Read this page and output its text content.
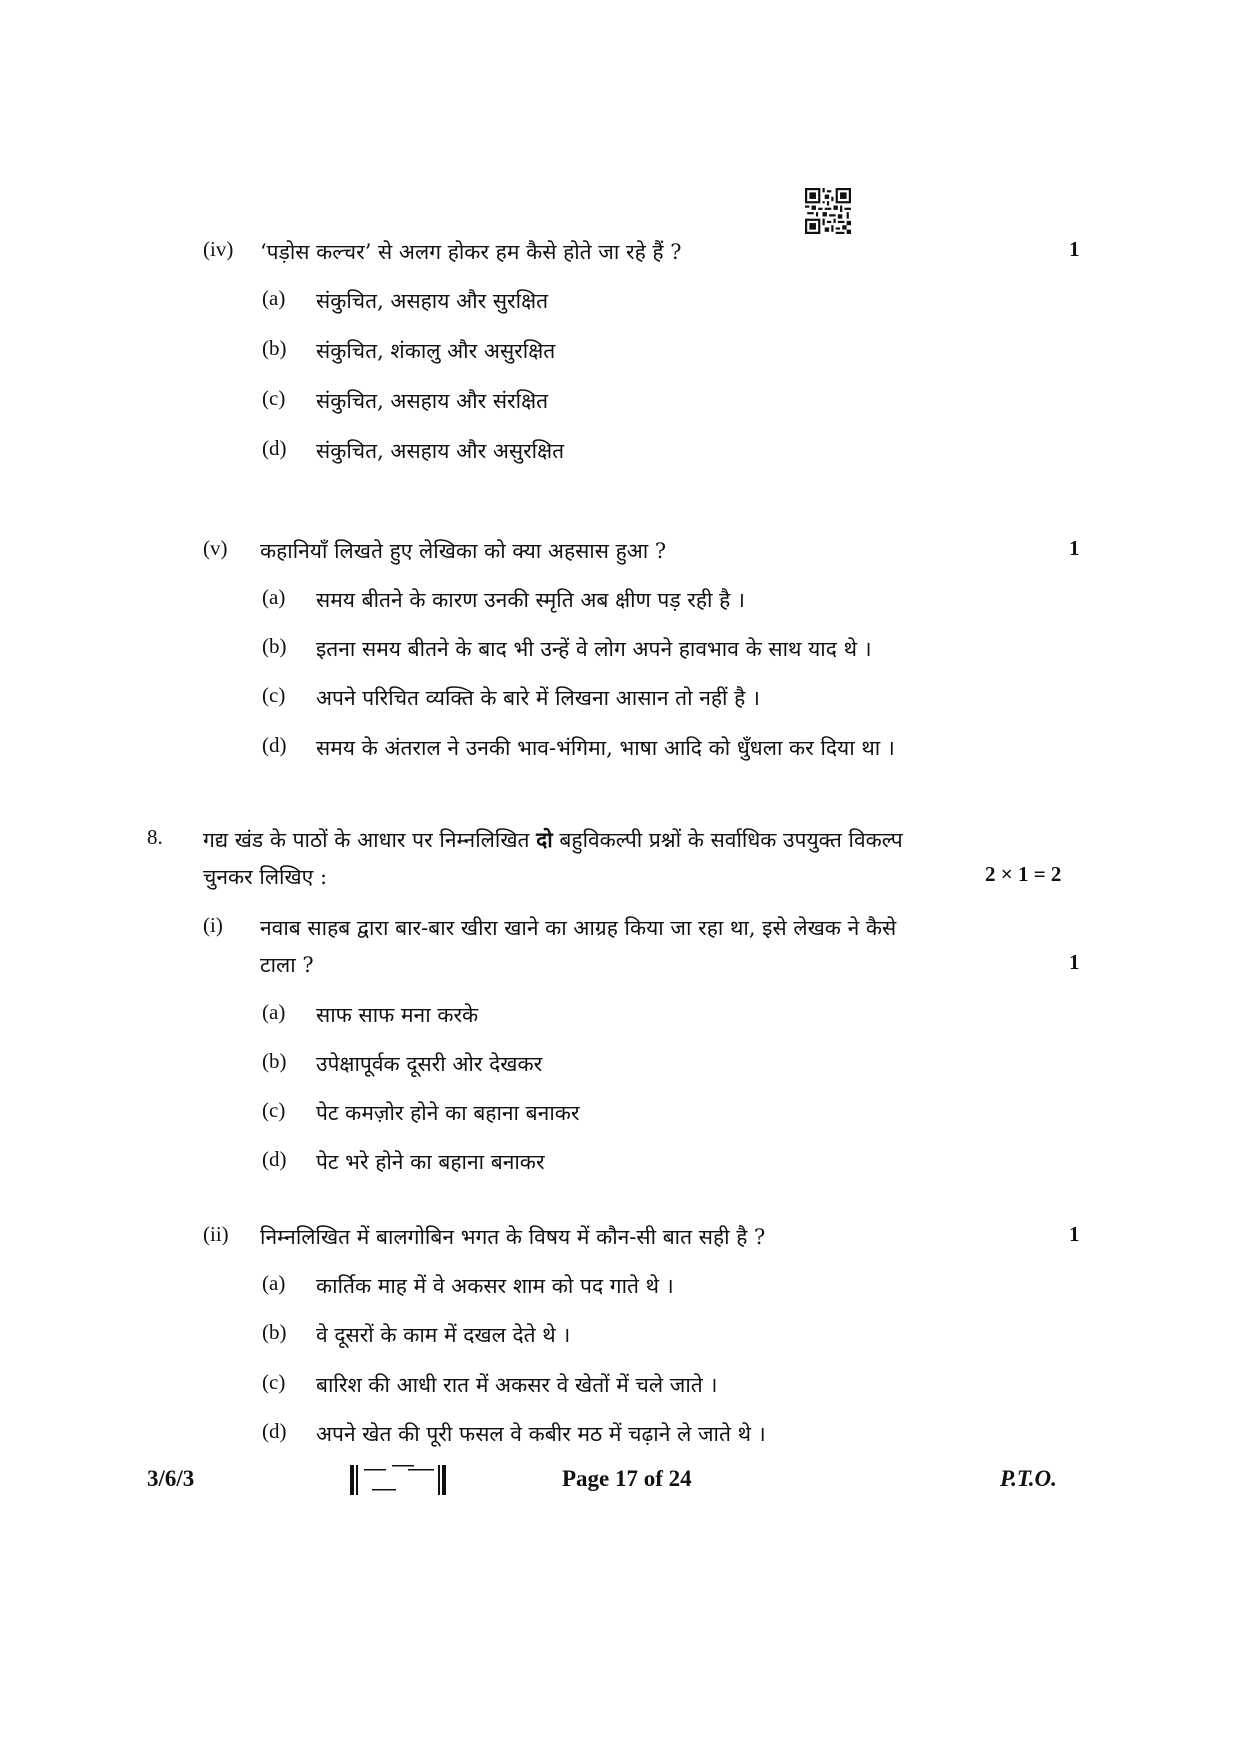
(iv) ‘पड़ोस कल्चर’ से अलग होकर हम कैसे होते जा रहे हैं ?	1
(a) संकुचित, असहाय और सुरक्षित
(b) संकुचित, शंकालु और असुरक्षित
(c) संकुचित, असहाय और संरक्षित
(d) संकुचित, असहाय और असुरक्षित
(v) कहानियाँ लिखते हुए लेखिका को क्या अहसास हुआ ?	1
(a) समय बीतने के कारण उनकी स्मृति अब क्षीण पड़ रही है ।
(b) इतना समय बीतने के बाद भी उन्हें वे लोग अपने हावभाव के साथ याद थे ।
(c) अपने परिचित व्यक्ति के बारे में लिखना आसान तो नहीं है ।
(d) समय के अंतराल ने उनकी भाव-भंगिमा, भाषा आदि को धुँधला कर दिया था ।
8. गद्य खंड के पाठों के आधार पर निम्नलिखित दो बहुविकल्पी प्रश्नों के सर्वाधिक उपयुक्त विकल्प
चुनकर लिखिए :	2 × 1 = 2
(i) नवाब साहब द्वारा बार-बार खीरा खाने का आग्रह किया जा रहा था, इसे लेखक ने कैसे
टाला ?	1
(a) साफ साफ मना करके
(b) उपेक्षापूर्वक दूसरी ओर देखकर
(c) पेट कमज़ोर होने का बहाना बनाकर
(d) पेट भरे होने का बहाना बनाकर
(ii) निम्नलिखित में बालगोबिन भगत के विषय में कौन-सी बात सही है ?	1
(a) कार्तिक माह में वे अकसर शाम को पद गाते थे ।
(b) वे दूसरों के काम में दखल देते थे ।
(c) बारिश की आधी रात में अकसर वे खेतों में चले जाते ।
(d) अपने खेत की पूरी फसल वे कबीर मठ में चढ़ाने ले जाते थे ।
3/6/3	Page 17 of 24	P.T.O.
